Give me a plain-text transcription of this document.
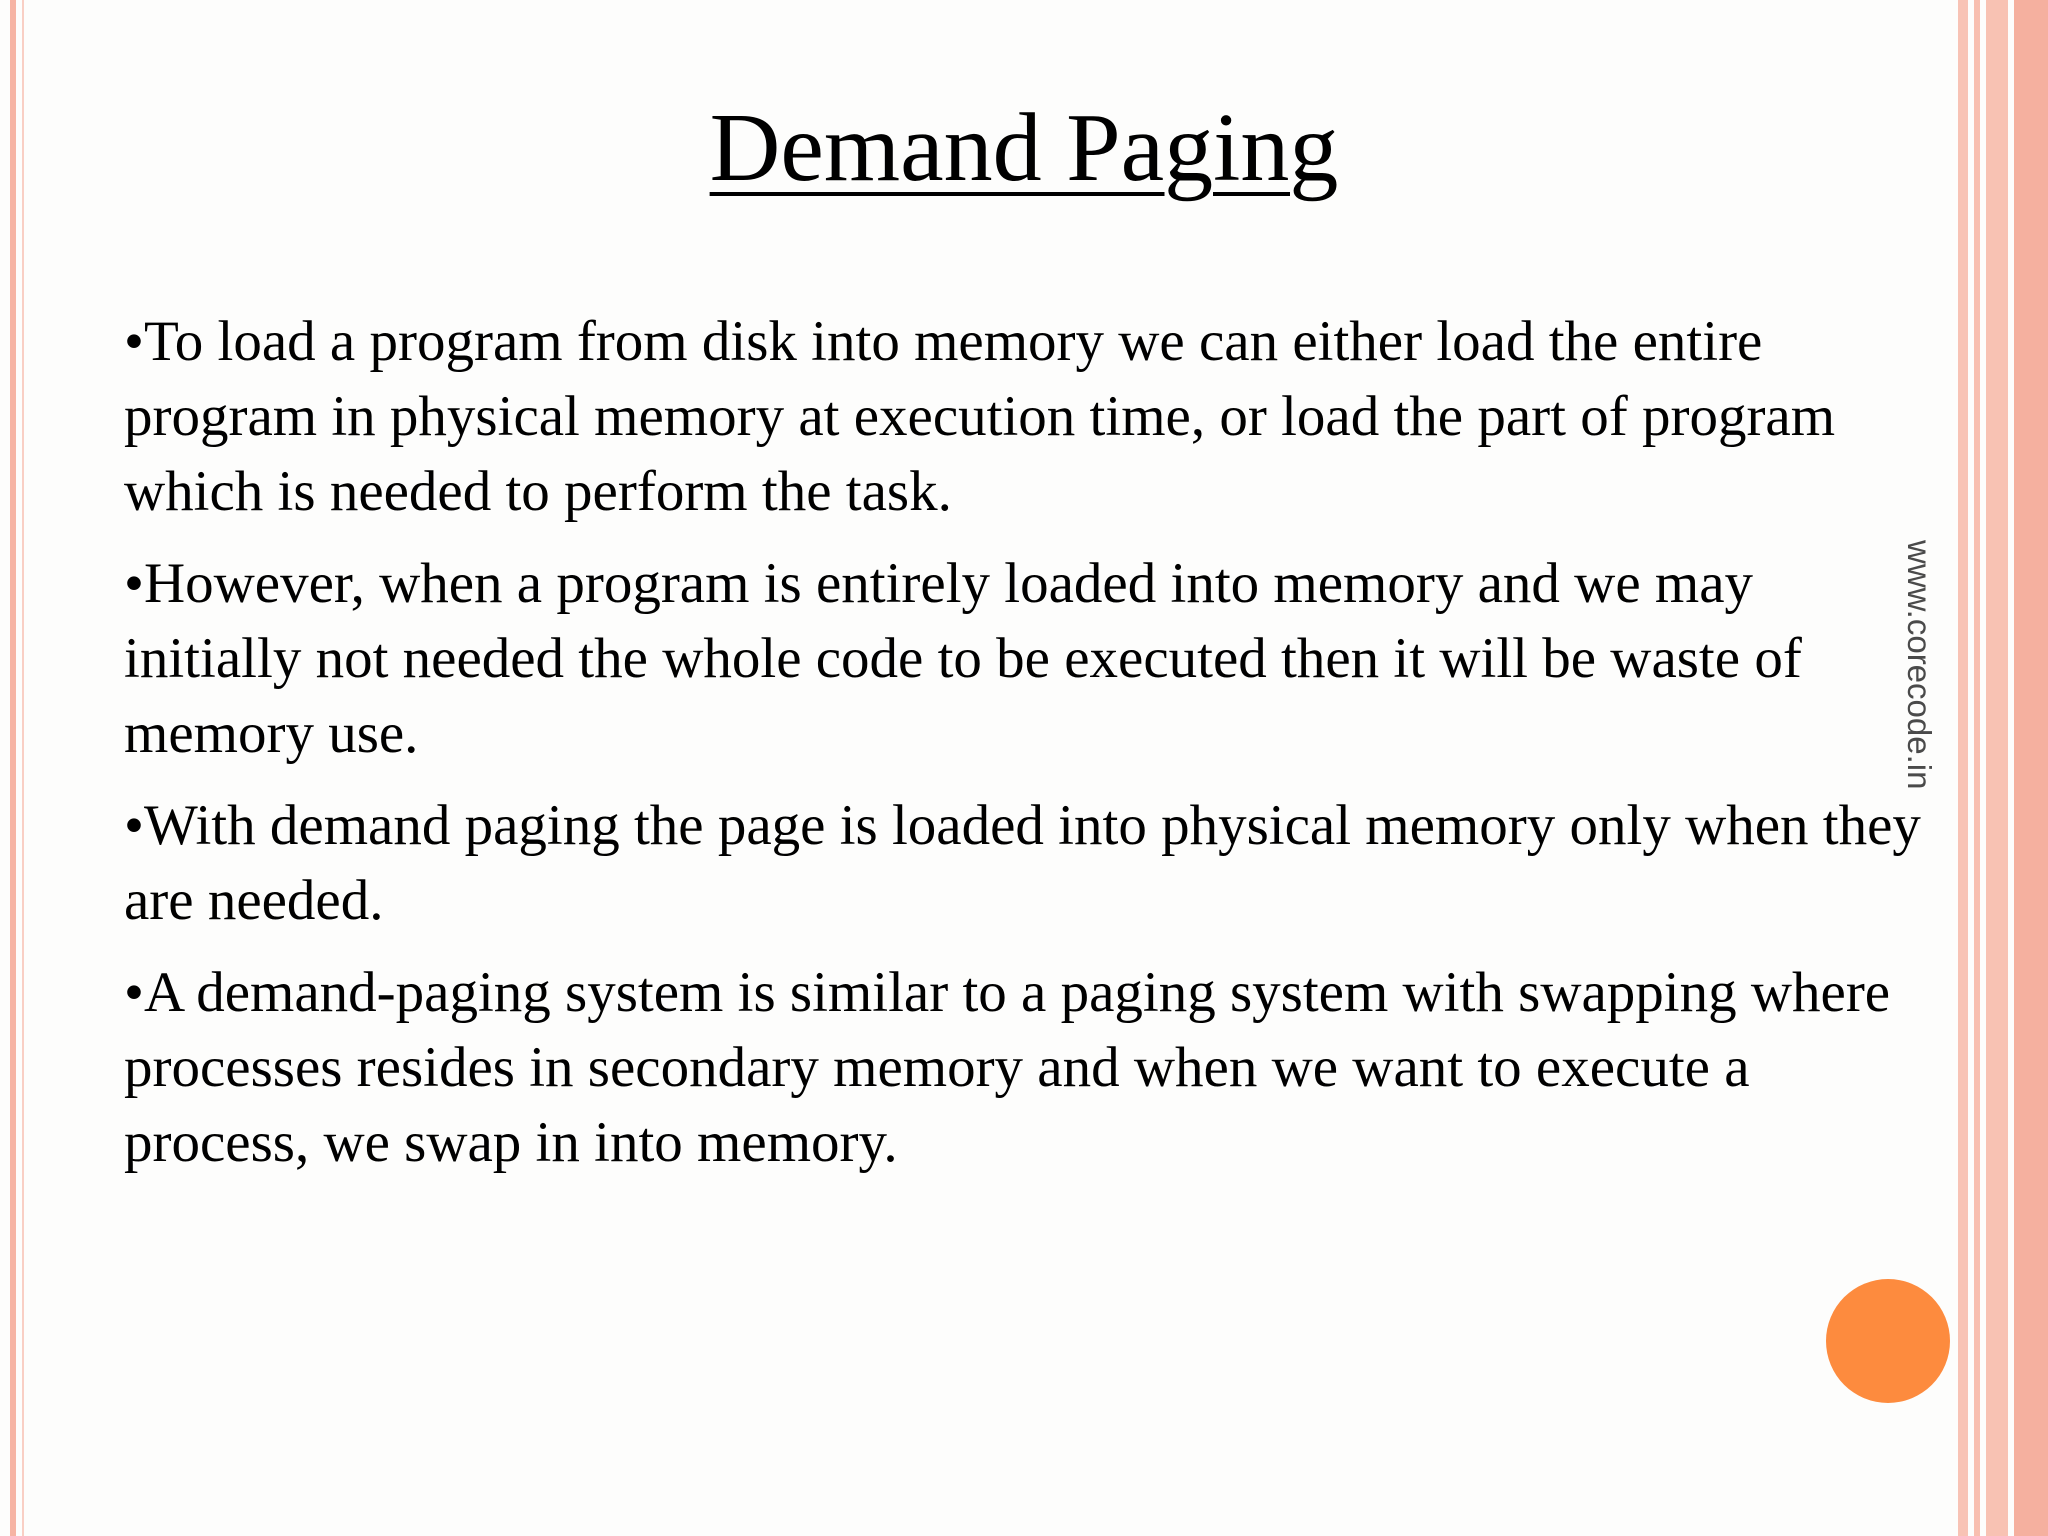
Demand Paging

•To load a program from disk into memory we can either load the entire program in physical memory at execution time, or load the part of program which is needed to perform the task.

•However, when a program is entirely loaded into memory and we may initially not needed the whole code to be executed then it will be waste of memory use.

•With demand paging the page is loaded into physical memory only when they are needed.

•A demand-paging system is similar to a paging system with swapping where processes resides in secondary memory and when we want to execute a process, we swap in into memory.

www.corecode.in
